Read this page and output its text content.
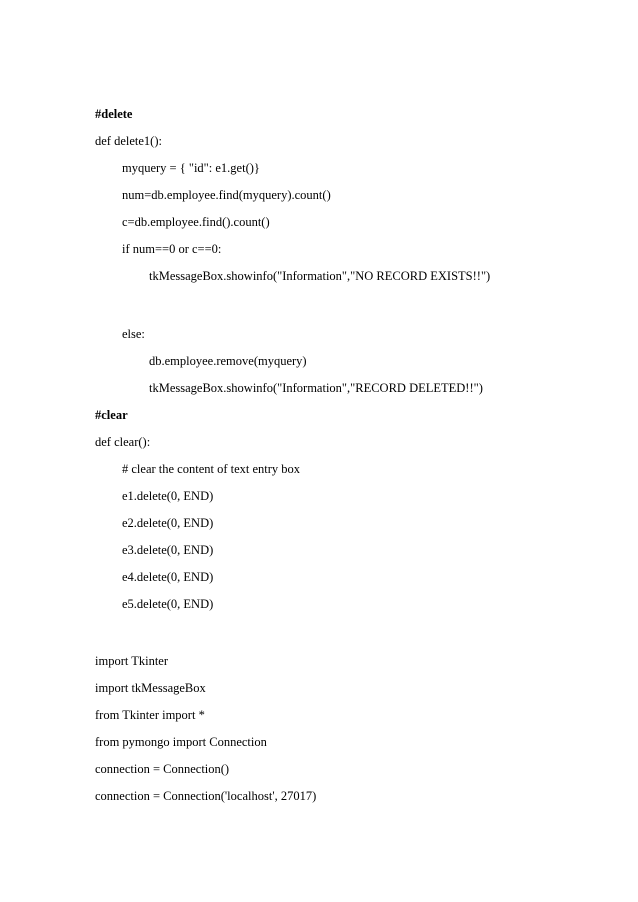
#delete
def delete1():
myquery = { "id": e1.get()}
num=db.employee.find(myquery).count()
c=db.employee.find().count()
if num==0 or c==0:
tkMessageBox.showinfo("Information","NO RECORD EXISTS!!")
else:
db.employee.remove(myquery)
tkMessageBox.showinfo("Information","RECORD DELETED!!")
#clear
def clear():
# clear the content of text entry box
e1.delete(0, END)
e2.delete(0, END)
e3.delete(0, END)
e4.delete(0, END)
e5.delete(0, END)
import Tkinter
import tkMessageBox
from Tkinter import *
from pymongo import Connection
connection = Connection()
connection = Connection('localhost', 27017)
